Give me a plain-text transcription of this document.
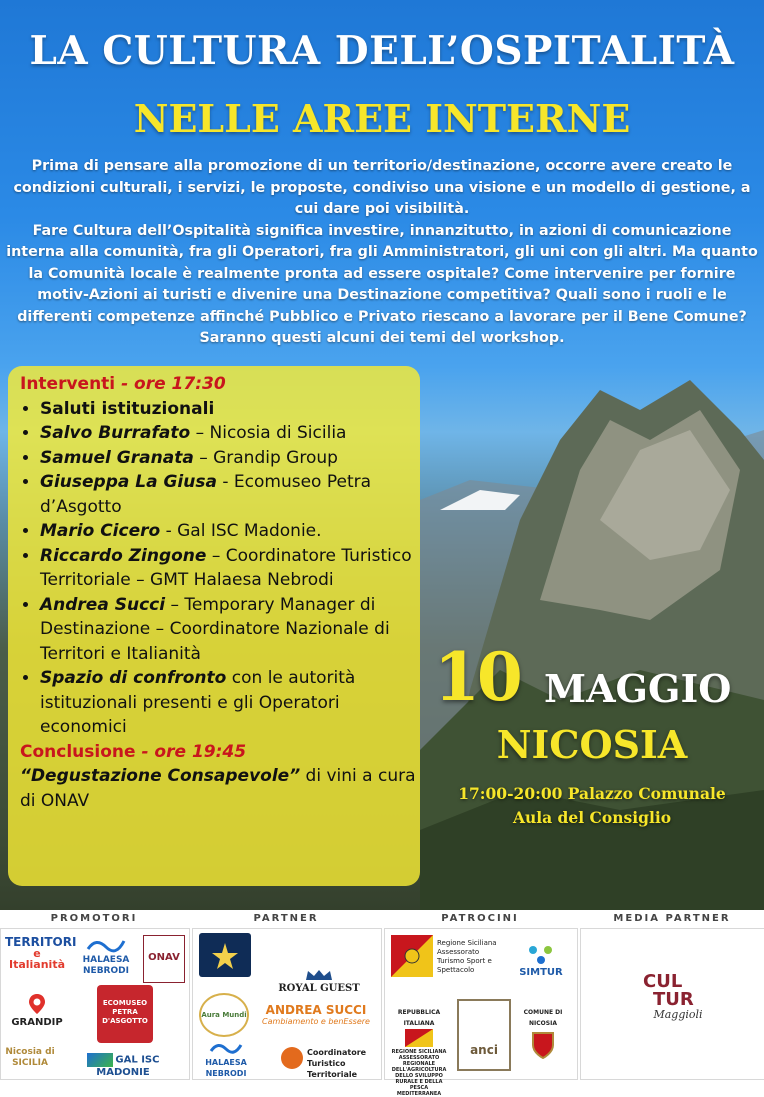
LA CULTURA DELL’OSPITALITÀ
NELLE AREE INTERNE

Prima di pensare alla promozione di un territorio/destinazione, occorre avere creato le condizioni culturali, i servizi, le proposte, condiviso una visione e un modello di gestione, a cui dare poi visibilità.

Fare Cultura dell’Ospitalità significa investire, innanzitutto, in azioni di comunicazione interna alla comunità, fra gli Operatori, fra gli Amministratori, gli uni con gli altri. Ma quanto la Comunità locale è realmente pronta ad essere ospitale? Come intervenire per fornire motiv-Azioni ai turisti e divenire una Destinazione competitiva? Quali sono i ruoli e le differenti competenze affinché Pubblico e Privato riescano a lavorare per il Bene Comune?

Saranno questi alcuni dei temi del workshop.

Interventi - ore 17:30
• Saluti istituzionali
• Salvo Burrafato – Nicosia di Sicilia
• Samuel Granata – Grandip Group
• Giuseppa La Giusa - Ecomuseo Petra d’Asgotto
• Mario Cicero - Gal ISC Madonie.
• Riccardo Zingone – Coordinatore Turistico Territoriale – GMT Halaesa Nebrodi
• Andrea Succi – Temporary Manager di Destinazione – Coordinatore Nazionale di Territori e Italianità
• Spazio di confronto con le autorità istituzionali presenti e gli Operatori economici
Conclusione - ore 19:45
“Degustazione Consapevole” di vini a cura di ONAV
10 MAGGIO
NICOSIA

17:00-20:00 Palazzo Comunale

Aula del Consiglio

PROMOTORI	PARTNER	PATROCINI	MEDIA PARTNER
TERRITORI
e Italianità	HALAESA NEBRODI
ONAV
GRANDIP
ECOMUSEO PETRA D'ASGOTTO
Nicosia di SICILIA	GAL ISC MADONIE
ROYAL GUEST
Aura Mundi	ANDREA SUCCI
Cambiamento e benEssere
HALAESA NEBRODI
Coordinatore Turistico Territoriale
Regione Siciliana Assessorato Turismo Sport e Spettacolo	SIMTUR
REPUBBLICA ITALIANA
REGIONE SICILIANA ASSESSORATO REGIONALE DELL'AGRICOLTURA DELLO SVILUPPO RURALE E DELLA PESCA MEDITERRANEA
anci
COMUNE DI NICOSIA
CUL
TUR
Maggioli
